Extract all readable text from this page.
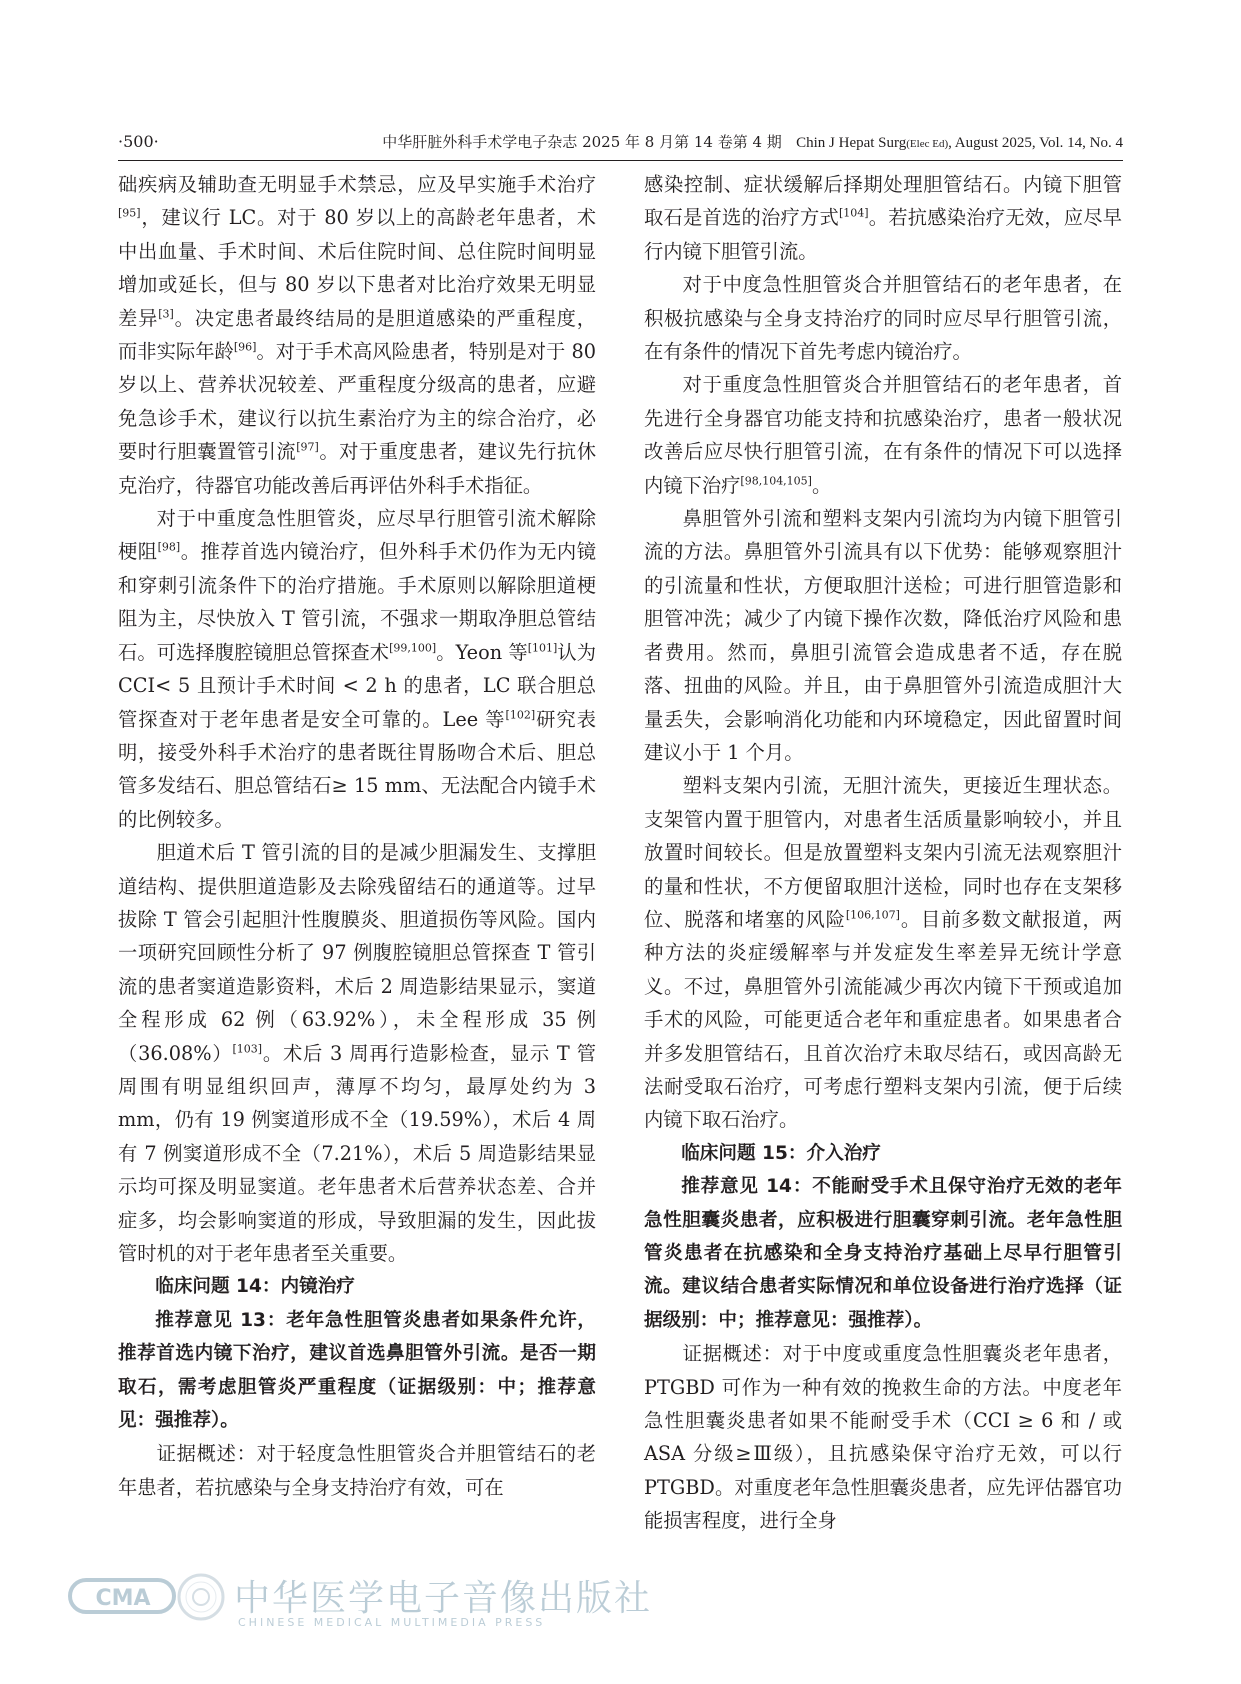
·500·	中华肝脏外科手术学电子杂志 2025 年 8 月第 14 卷第 4 期 Chin J Hepat Surg(Elec Ed), August 2025, Vol. 14, No. 4

础疾病及辅助查无明显手术禁忌，应及早实施手术治疗[95]，建议行 LC。对于 80 岁以上的高龄老年患者，术中出血量、手术时间、术后住院时间、总住院时间明显增加或延长，但与 80 岁以下患者对比治疗效果无明显差异[3]。决定患者最终结局的是胆道感染的严重程度，而非实际年龄[96]。对于手术高风险患者，特别是对于 80 岁以上、营养状况较差、严重程度分级高的患者，应避免急诊手术，建议行以抗生素治疗为主的综合治疗，必要时行胆囊置管引流[97]。对于重度患者，建议先行抗休克治疗，待器官功能改善后再评估外科手术指征。

对于中重度急性胆管炎，应尽早行胆管引流术解除梗阻[98]。推荐首选内镜治疗，但外科手术仍作为无内镜和穿刺引流条件下的治疗措施。手术原则以解除胆道梗阻为主，尽快放入 T 管引流，不强求一期取净胆总管结石。可选择腹腔镜胆总管探查术[99,100]。Yeon 等[101]认为 CCI< 5 且预计手术时间 < 2 h 的患者，LC 联合胆总管探查对于老年患者是安全可靠的。Lee 等[102]研究表明，接受外科手术治疗的患者既往胃肠吻合术后、胆总管多发结石、胆总管结石≥ 15 mm、无法配合内镜手术的比例较多。

胆道术后 T 管引流的目的是减少胆漏发生、支撑胆道结构、提供胆道造影及去除残留结石的通道等。过早拔除 T 管会引起胆汁性腹膜炎、胆道损伤等风险。国内一项研究回顾性分析了 97 例腹腔镜胆总管探查 T 管引流的患者窦道造影资料，术后 2 周造影结果显示，窦道全程形成 62 例（63.92%），未全程形成 35 例（36.08%）[103]。术后 3 周再行造影检查，显示 T 管周围有明显组织回声，薄厚不均匀，最厚处约为 3 mm，仍有 19 例窦道形成不全（19.59%），术后 4 周有 7 例窦道形成不全（7.21%），术后 5 周造影结果显示均可探及明显窦道。老年患者术后营养状态差、合并症多，均会影响窦道的形成，导致胆漏的发生，因此拔管时机的对于老年患者至关重要。

临床问题 14：内镜治疗

推荐意见 13：老年急性胆管炎患者如果条件允许，推荐首选内镜下治疗，建议首选鼻胆管外引流。是否一期取石，需考虑胆管炎严重程度（证据级别：中；推荐意见：强推荐）。

证据概述：对于轻度急性胆管炎合并胆管结石的老年患者，若抗感染与全身支持治疗有效，可在

感染控制、症状缓解后择期处理胆管结石。内镜下胆管取石是首选的治疗方式[104]。若抗感染治疗无效，应尽早行内镜下胆管引流。

对于中度急性胆管炎合并胆管结石的老年患者，在积极抗感染与全身支持治疗的同时应尽早行胆管引流，在有条件的情况下首先考虑内镜治疗。

对于重度急性胆管炎合并胆管结石的老年患者，首先进行全身器官功能支持和抗感染治疗，患者一般状况改善后应尽快行胆管引流，在有条件的情况下可以选择内镜下治疗[98,104,105]。

鼻胆管外引流和塑料支架内引流均为内镜下胆管引流的方法。鼻胆管外引流具有以下优势：能够观察胆汁的引流量和性状，方便取胆汁送检；可进行胆管造影和胆管冲洗；减少了内镜下操作次数，降低治疗风险和患者费用。然而，鼻胆引流管会造成患者不适，存在脱落、扭曲的风险。并且，由于鼻胆管外引流造成胆汁大量丢失，会影响消化功能和内环境稳定，因此留置时间建议小于 1 个月。

塑料支架内引流，无胆汁流失，更接近生理状态。支架管内置于胆管内，对患者生活质量影响较小，并且放置时间较长。但是放置塑料支架内引流无法观察胆汁的量和性状，不方便留取胆汁送检，同时也存在支架移位、脱落和堵塞的风险[106,107]。目前多数文献报道，两种方法的炎症缓解率与并发症发生率差异无统计学意义。不过，鼻胆管外引流能减少再次内镜下干预或追加手术的风险，可能更适合老年和重症患者。如果患者合并多发胆管结石，且首次治疗未取尽结石，或因高龄无法耐受取石治疗，可考虑行塑料支架内引流，便于后续内镜下取石治疗。

临床问题 15：介入治疗

推荐意见 14：不能耐受手术且保守治疗无效的老年急性胆囊炎患者，应积极进行胆囊穿刺引流。老年急性胆管炎患者在抗感染和全身支持治疗基础上尽早行胆管引流。建议结合患者实际情况和单位设备进行治疗选择（证据级别：中；推荐意见：强推荐）。

证据概述：对于中度或重度急性胆囊炎老年患者，PTGBD 可作为一种有效的挽救生命的方法。中度老年急性胆囊炎患者如果不能耐受手术（CCI ≥ 6 和 / 或 ASA 分级≥Ⅲ级），且抗感染保守治疗无效，可以行 PTGBD。对重度老年急性胆囊炎患者，应先评估器官功能损害程度，进行全身

CMA 中华医学电子音像出版社
CHINESE MEDICAL MULTIMEDIA PRESS
